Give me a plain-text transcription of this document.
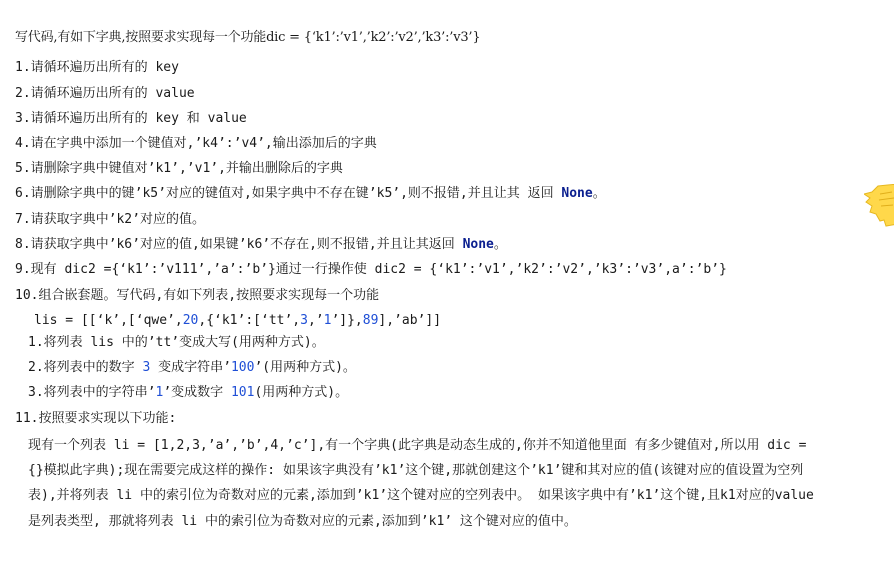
写代码,有如下字典,按照要求实现每一个功能dic = {‘k1’:’v1’,’k2’:’v2’,’k3’:’v3’}
1.请循环遍历出所有的 key
2.请循环遍历出所有的 value
3.请循环遍历出所有的 key 和 value
4.请在字典中添加一个键值对,’k4’:’v4’,输出添加后的字典
5.请删除字典中键值对’k1’,’v1’,并输出删除后的字典
6.请删除字典中的键’k5’对应的键值对,如果字典中不存在键’k5’,则不报错,并且让其 返回 None。
7.请获取字典中’k2’对应的值。
8.请获取字典中’k6’对应的值,如果键’k6’不存在,则不报错,并且让其返回 None。
9.现有 dic2 ={‘k1’:’v111’,’a’:’b’}通过一行操作使 dic2 = {‘k1’:’v1’,’k2’:’v2’,’k3’:’v3’,a’:’b’}
10.组合嵌套题。写代码,有如下列表,按照要求实现每一个功能
lis = [[‘k’,[‘qwe’,20,{‘k1’:[‘tt’,3,’1’]},89],’ab’]]
1.将列表 lis 中的’tt’变成大写(用两种方式)。
2.将列表中的数字 3 变成字符串’100’(用两种方式)。
3.将列表中的字符串’1’变成数字 101(用两种方式)。
11.按照要求实现以下功能:
现有一个列表 li = [1,2,3,’a’,’b’,4,’c’],有一个字典(此字典是动态生成的,你并不知道他里面 有多少键值对,所以用 dic =
{}模拟此字典);现在需要完成这样的操作: 如果该字典没有’k1’这个键,那就创建这个’k1’键和其对应的值(该键对应的值设置为空列
表),并将列表 li 中的索引位为奇数对应的元素,添加到’k1’这个键对应的空列表中。 如果该字典中有’k1’这个键,且k1对应的value
是列表类型, 那就将列表 li 中的索引位为奇数对应的元素,添加到’k1’ 这个键对应的值中。
